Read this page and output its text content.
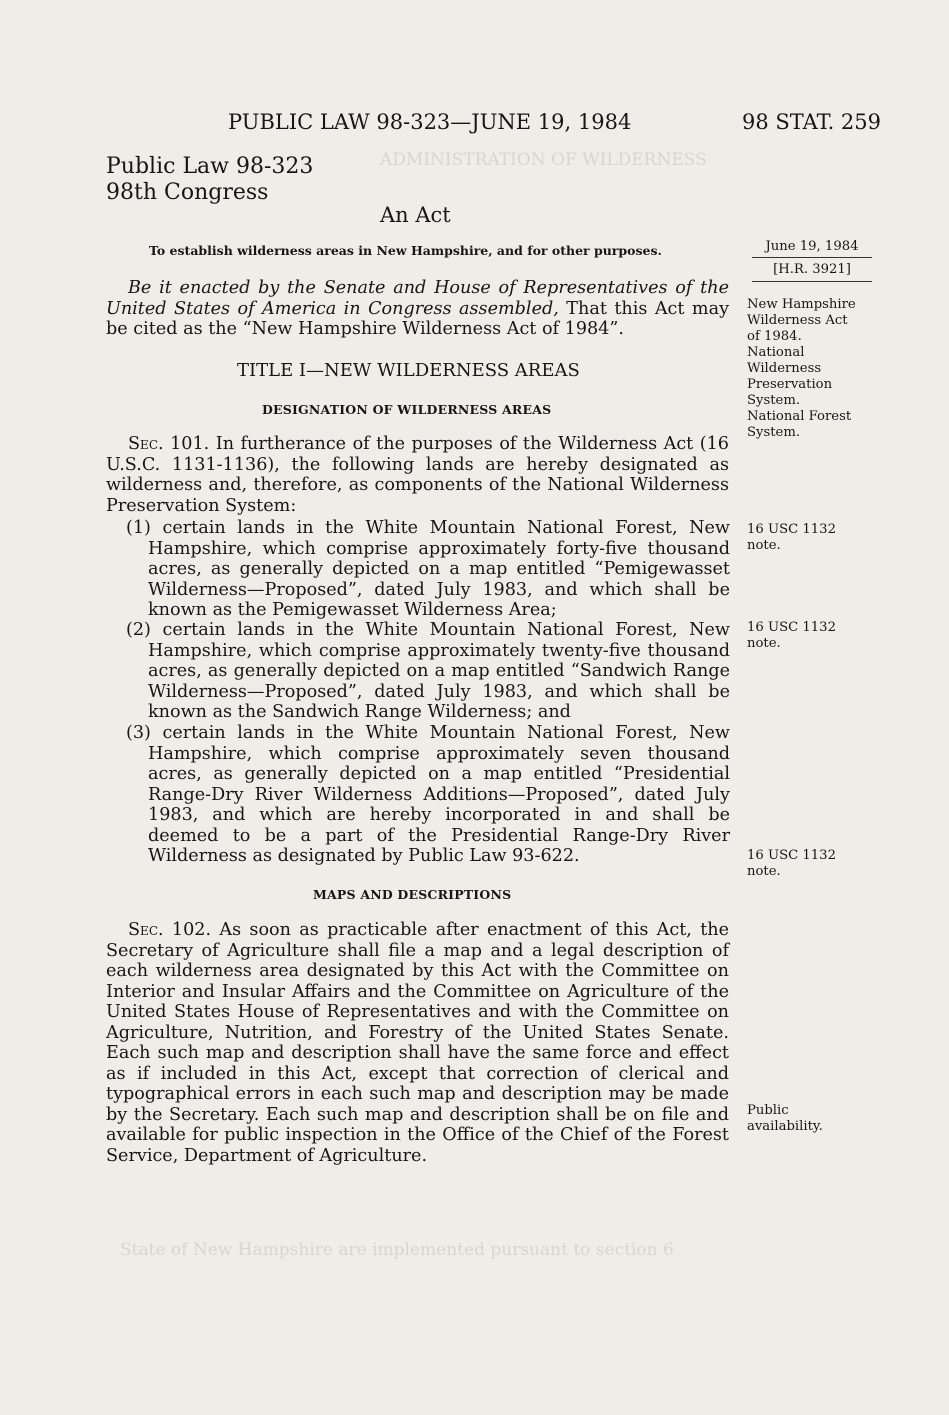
ADMINISTRATION OF WILDERNESS
State of New Hampshire are implemented pursuant to section 6
PUBLIC LAW 98-323—JUNE 19, 1984	98 STAT. 259
Public Law 98-323
98th Congress
An Act
To establish wilderness areas in New Hampshire, and for other purposes.	June 19, 1984
[H.R. 3921]
New Hampshire
Wilderness Act
of 1984.
National
Wilderness
Preservation
System.
National Forest
System.
16 USC 1132
note.
16 USC 1132
note.
16 USC 1132
note.
Public
availability.
Be it enacted by the Senate and House of Representatives of the United States of America in Congress assembled, That this Act may be cited as the “New Hampshire Wilderness Act of 1984”.
TITLE I—NEW WILDERNESS AREAS
DESIGNATION OF WILDERNESS AREAS
Sec. 101. In furtherance of the purposes of the Wilderness Act (16 U.S.C. 1131-1136), the following lands are hereby designated as wilderness and, therefore, as components of the National Wilderness Preservation System:
(1) certain lands in the White Mountain National Forest, New Hampshire, which comprise approximately forty-five thousand acres, as generally depicted on a map entitled “Pemigewasset Wilderness—Proposed”, dated July 1983, and which shall be known as the Pemigewasset Wilderness Area;
(2) certain lands in the White Mountain National Forest, New Hampshire, which comprise approximately twenty-five thousand acres, as generally depicted on a map entitled “Sandwich Range Wilderness—Proposed”, dated July 1983, and which shall be known as the Sandwich Range Wilderness; and
(3) certain lands in the White Mountain National Forest, New Hampshire, which comprise approximately seven thousand acres, as generally depicted on a map entitled “Presidential Range-Dry River Wilderness Additions—Proposed”, dated July 1983, and which are hereby incorporated in and shall be deemed to be a part of the Presidential Range-Dry River Wilderness as designated by Public Law 93-622.
MAPS AND DESCRIPTIONS
Sec. 102. As soon as practicable after enactment of this Act, the Secretary of Agriculture shall file a map and a legal description of each wilderness area designated by this Act with the Committee on Interior and Insular Affairs and the Committee on Agriculture of the United States House of Representatives and with the Committee on Agriculture, Nutrition, and Forestry of the United States Senate. Each such map and description shall have the same force and effect as if included in this Act, except that correction of clerical and typographical errors in each such map and description may be made by the Secretary. Each such map and description shall be on file and available for public inspection in the Office of the Chief of the Forest Service, Department of Agriculture.
